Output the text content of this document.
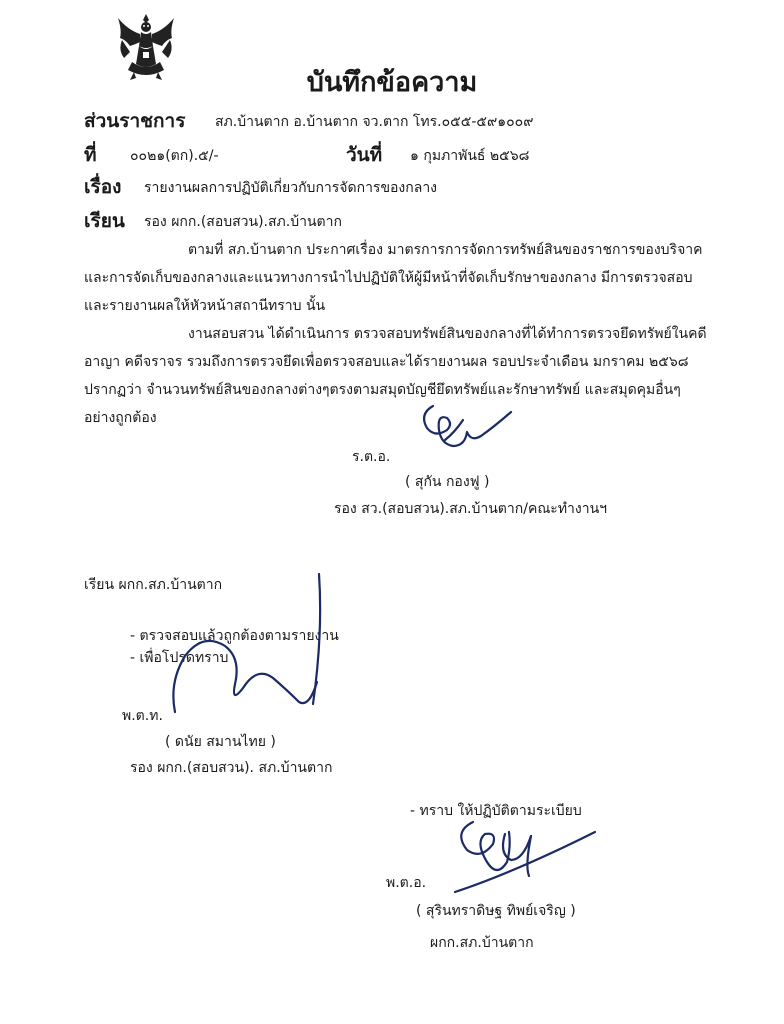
บันทึกข้อความ
ส่วนราชการ สภ.บ้านตาก อ.บ้านตาก จว.ตาก โทร.๐๕๕-๕๙๑๐๐๙
ที่ ๐๐๒๑(ตก).๕/-	วันที่ ๑ กุมภาพันธ์ ๒๕๖๘
เรื่อง รายงานผลการปฏิบัติเกี่ยวกับการจัดการของกลาง
เรียน รอง ผกก.(สอบสวน).สภ.บ้านตาก
ตามที่ สภ.บ้านตาก ประกาศเรื่อง มาตรการการจัดการทรัพย์สินของราชการของบริจาคและการจัดเก็บของกลางและแนวทางการนำไปปฏิบัติให้ผู้มีหน้าที่จัดเก็บรักษาของกลาง มีการตรวจสอบและรายงานผลให้หัวหน้าสถานีทราบ นั้น
งานสอบสวน ได้ดำเนินการ ตรวจสอบทรัพย์สินของกลางที่ได้ทำการตรวจยึดทรัพย์ในคดีอาญา คดีจราจร รวมถึงการตรวจยึดเพื่อตรวจสอบและได้รายงานผล รอบประจำเดือน มกราคม ๒๕๖๘ ปรากฏว่า จำนวนทรัพย์สินของกลางต่างๆตรงตามสมุดบัญชียึดทรัพย์และรักษาทรัพย์ และสมุดคุมอื่นๆ อย่างถูกต้อง
ร.ต.อ.
( สุกัน กองฟู )
รอง สว.(สอบสวน).สภ.บ้านตาก/คณะทำงานฯ
เรียน ผกก.สภ.บ้านตาก
- ตรวจสอบแล้วถูกต้องตามรายงาน
- เพื่อโปรดทราบ
พ.ต.ท.
( ดนัย สมานไทย )
รอง ผกก.(สอบสวน). สภ.บ้านตาก
- ทราบ ให้ปฏิบัติตามระเบียบ
พ.ต.อ.
( สุรินทราดิษฐ ทิพย์เจริญ )
ผกก.สภ.บ้านตาก
